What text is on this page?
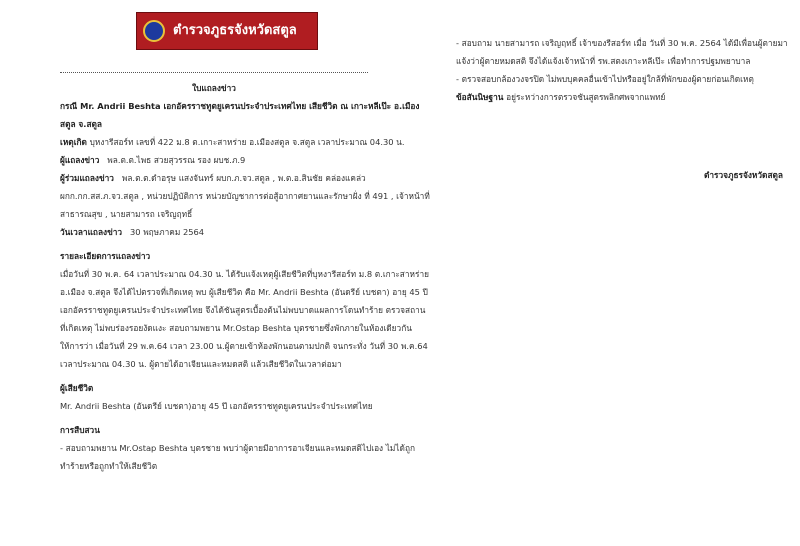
ตำรวจภูธรจังหวัดสตูล
ใบแถลงข่าว

กรณี Mr. Andrii Beshta เอกอัครราชทูตยูเครนประจำประเทศไทย เสียชีวิต ณ เกาะหลีเป๊ะ อ.เมือง สตูล จ.สตูล

เหตุเกิด บุหงารีสอร์ท เลขที่ 422 ม.8 ต.เกาะสาหร่าย อ.เมืองสตูล จ.สตูล เวลาประมาณ 04.30 น.

ผู้แถลงข่าว พล.ต.ต.ไพธ สวยสุวรรณ รอง ผบช.ภ.9

ผู้ร่วมแถลงข่าว พล.ต.ต.ดำอรุษ แสงจันทร์ ผบก.ภ.จว.สตูล , พ.ต.อ.สินชัย คล่องแคล่ว ผกก.กก.สส.ภ.จว.สตูล , หน่วยปฏิบัติการ หน่วยบัญชาการต่อสู้อากาศยานและรักษาฝั่ง ที่ 491 , เจ้าหน้าที่สาธารณสุข , นายสามารถ เจริญฤทธิ์

วันเวลาแถลงข่าว 30 พฤษภาคม 2564

รายละเอียดการแถลงข่าว

เมื่อวันที่ 30 พ.ค. 64 เวลาประมาณ 04.30 น. ได้รับแจ้งเหตุผู้เสียชีวิตที่บุหงารีสอร์ท ม.8 ต.เกาะสาหร่าย อ.เมือง จ.สตูล จึงได้ไปตรวจที่เกิดเหตุ พบ ผู้เสียชีวิต คือ Mr. Andrii Beshta (อันดรีย์ เบชตา) อายุ 45 ปี เอกอัครราชทูตยูเครนประจำประเทศไทย จึงได้ชันสูตรเบื้องต้นไม่พบบาดแผลการโดนทำร้าย ตรวจสถานที่เกิดเหตุ ไม่พบร่องรอยงัดแงะ สอบถามพยาน Mr.Ostap Beshta บุตรชายซึ่งพักภายในห้องเดียวกันให้การว่า เมื่อวันที่ 29 พ.ค.64 เวลา 23.00 น.ผู้ตายเข้าห้องพักนอนตามปกติ จนกระทั่ง วันที่ 30 พ.ค.64 เวลาประมาณ 04.30 น. ผู้ตายได้อาเจียนและหมดสติ แล้วเสียชีวิตในเวลาต่อมา

ผู้เสียชีวิต

Mr. Andrii Beshta (อันดรีย์ เบชตา)อายุ 45 ปี เอกอัครราชทูตยูเครนประจำประเทศไทย

การสืบสวน

- สอบถามพยาน Mr.Ostap Beshta บุตรชาย พบว่าผู้ตายมีอาการอาเจียนและหมดสติไปเอง ไม่ได้ถูกทำร้ายหรือถูกทำให้เสียชีวิต

- สอบถาม นายสามารถ เจริญฤทธิ์ เจ้าของรีสอร์ท เมื่อ วันที่ 30 พ.ค. 2564 ได้มีเพื่อนผู้ตายมาแจ้งว่าผู้ตายหมดสติ จึงได้แจ้งเจ้าหน้าที่ รพ.สตงเกาะหลีเป๊ะ เพื่อทำการปฐมพยาบาล

- ตรวจสอบกล้องวงจรปิด ไม่พบบุคคลอื่นเข้าไปหรืออยู่ใกล้ที่พักของผู้ตายก่อนเกิดเหตุ

ข้อสันนิษฐาน อยู่ระหว่างการตรวจชันสูตรพลิกศพจากแพทย์

ตำรวจภูธรจังหวัดสตูล
